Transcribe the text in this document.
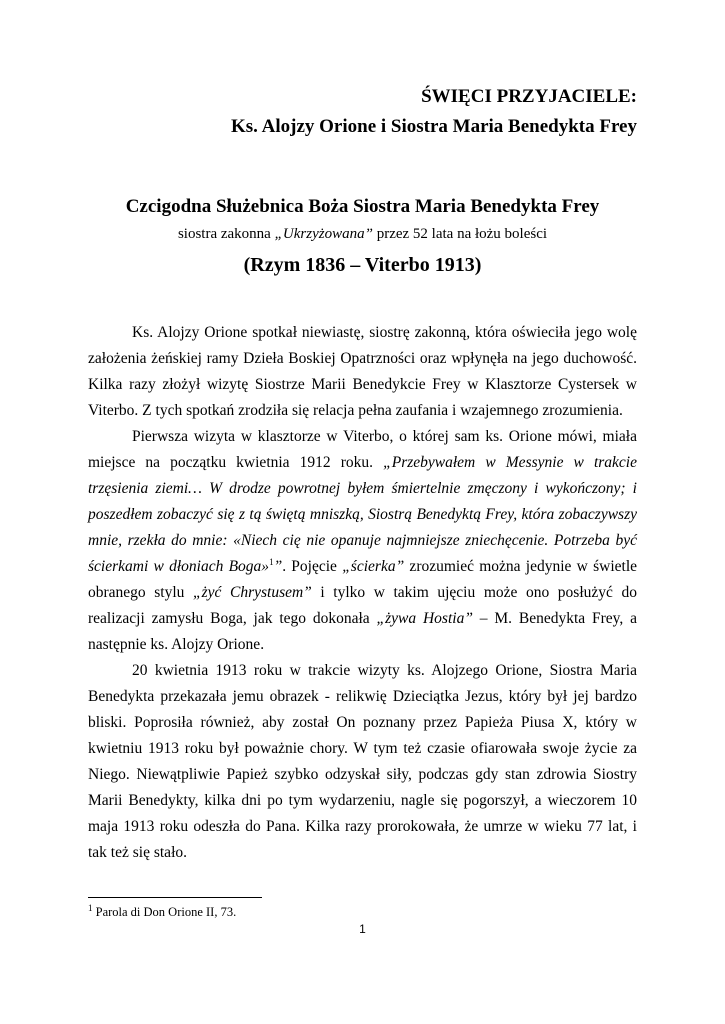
ŚWIĘCI PRZYJACIELE:
Ks. Alojzy Orione i Siostra Maria Benedykta Frey
Czcigodna Służebnica Boża Siostra Maria Benedykta Frey
siostra zakonna „Ukrzyżowana” przez 52 lata na łożu boleści
(Rzym 1836 – Viterbo 1913)

Ks. Alojzy Orione spotkał niewiastę, siostrę zakonną, która oświeciła jego wolę założenia żeńskiej ramy Dzieła Boskiej Opatrzności oraz wpłynęła na jego duchowość. Kilka razy złożył wizytę Siostrze Marii Benedykcie Frey w Klasztorze Cystersek w Viterbo. Z tych spotkań zrodziła się relacja pełna zaufania i wzajemnego zrozumienia.

Pierwsza wizyta w klasztorze w Viterbo, o której sam ks. Orione mówi, miała miejsce na początku kwietnia 1912 roku. „Przebywałem w Messynie w trakcie trzęsienia ziemi… W drodze powrotnej byłem śmiertelnie zmęczony i wykończony; i poszedłem zobaczyć się z tą świętą mniszką, Siostrą Benedyktą Frey, która zobaczywszy mnie, rzekła do mnie: «Niech cię nie opanuje najmniejsze zniechęcenie. Potrzeba być ścierkami w dłoniach Boga»$^1$”. Pojęcie „ścierka” zrozumieć można jedynie w świetle obranego stylu „żyć Chrystusem” i tylko w takim ujęciu może ono posłużyć do realizacji zamysłu Boga, jak tego dokonała „żywa Hostia” – M. Benedykta Frey, a następnie ks. Alojzy Orione.

20 kwietnia 1913 roku w trakcie wizyty ks. Alojzego Orione, Siostra Maria Benedykta przekazała jemu obrazek - relikwię Dzieciątka Jezus, który był jej bardzo bliski. Poprosiła również, aby został On poznany przez Papieża Piusa X, który w kwietniu 1913 roku był poważnie chory. W tym też czasie ofiarowała swoje życie za Niego. Niewątpliwie Papież szybko odzyskał siły, podczas gdy stan zdrowia Siostry Marii Benedykty, kilka dni po tym wydarzeniu, nagle się pogorszył, a wieczorem 10 maja 1913 roku odeszła do Pana. Kilka razy prorokowała, że umrze w wieku 77 lat, i tak też się stało.

$^1$ Parola di Don Orione II, 73.
1
